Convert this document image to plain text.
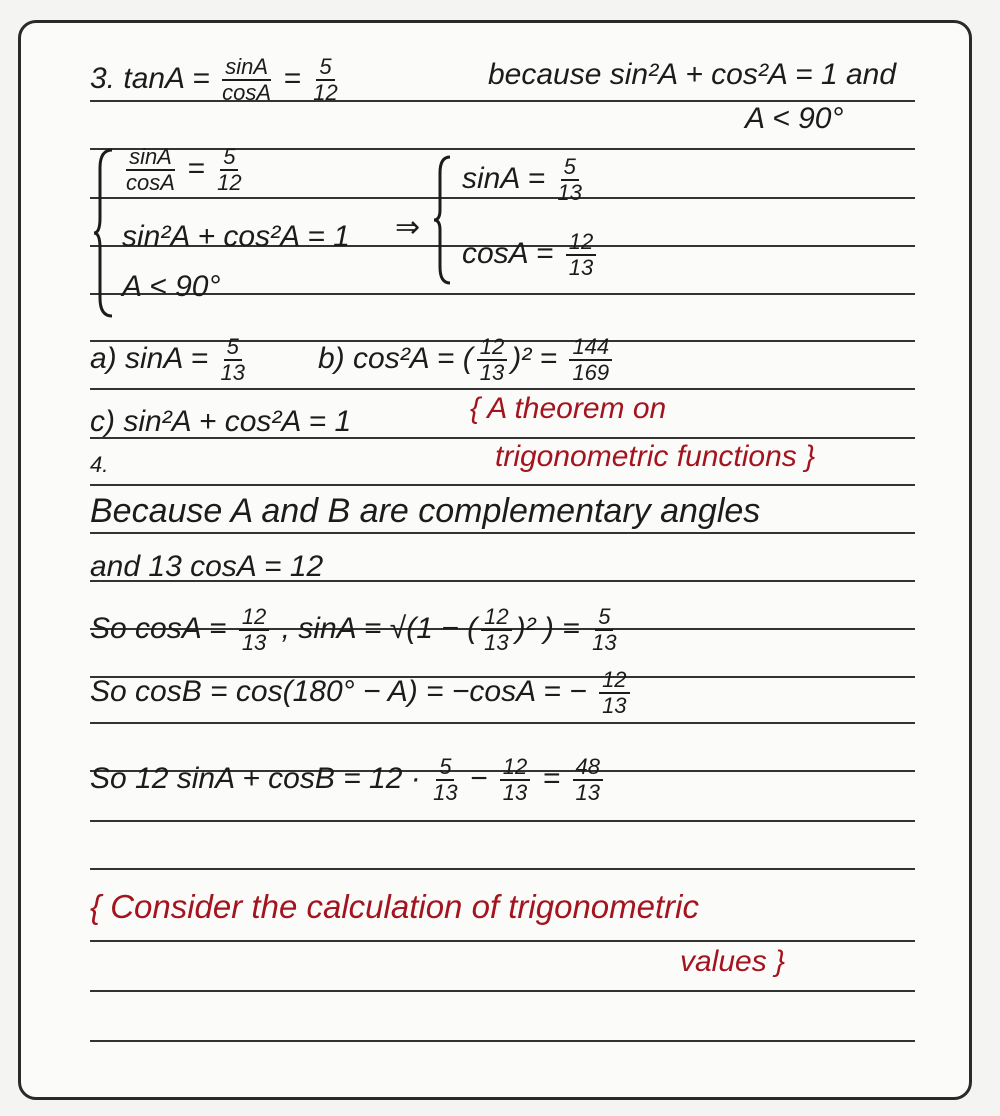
3. $\tan A = \frac{\sin A}{\cos A} = \frac{5}{12}$	because sin²A + cos²A = 1 and
A < 90°
$\frac{\sin A}{\cos A} = \frac{5}{12}$
sin²A + cos²A = 1
A < 90°
⇒
$\sin A = \frac{5}{13}$
$\cos A = \frac{12}{13}$
a) $\sin A = \frac{5}{13} b$) cos²A = ( $\frac{12}{13} )^2 = \frac{144}{169}$
c) sin²A + cos²A = 1	{ A theorem on
trigonometric functions }
4.
Because A and B are complementary angles
and 13 cosA = 12
So $\cos A = \frac{12}{13}$ , sinA = √(1 − ( $\frac{12}{13} )^2$ ) = $\frac{5}{13}$
So cosB = cos(180° − A) = −cosA = − $\frac{12}{13}$
So 12 $\sin A + \cos B = 12 \cdot \frac{5}{13} - \frac{12}{13} = \frac{48}{13}$
{ Consider the calculation of trigonometric
values }
